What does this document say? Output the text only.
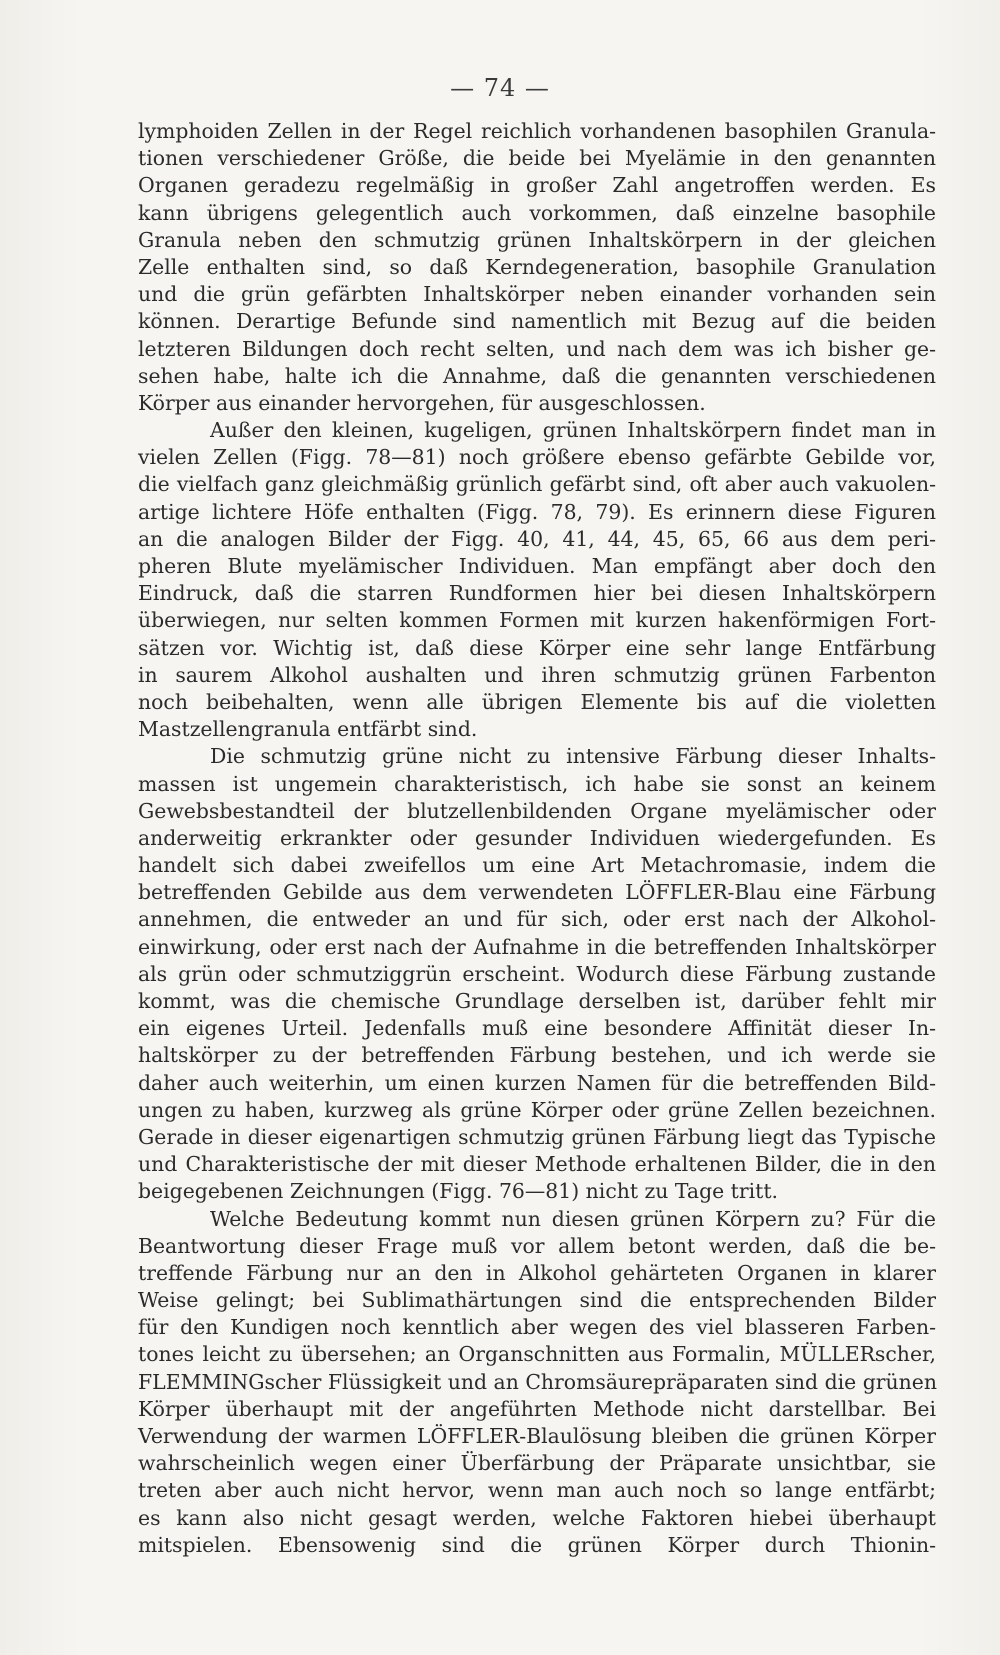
— 74 —
lymphoiden Zellen in der Regel reichlich vorhandenen basophilen Granula-
tionen verschiedener Größe, die beide bei Myelämie in den genannten
Organen geradezu regelmäßig in großer Zahl angetroffen werden. Es
kann übrigens gelegentlich auch vorkommen, daß einzelne basophile
Granula neben den schmutzig grünen Inhaltskörpern in der gleichen
Zelle enthalten sind, so daß Kerndegeneration, basophile Granulation
und die grün gefärbten Inhaltskörper neben einander vorhanden sein
können. Derartige Befunde sind namentlich mit Bezug auf die beiden
letzteren Bildungen doch recht selten, und nach dem was ich bisher ge-
sehen habe, halte ich die Annahme, daß die genannten verschiedenen
Körper aus einander hervorgehen, für ausgeschlossen.
Außer den kleinen, kugeligen, grünen Inhaltskörpern findet man in
vielen Zellen (Figg. 78—81) noch größere ebenso gefärbte Gebilde vor,
die vielfach ganz gleichmäßig grünlich gefärbt sind, oft aber auch vakuolen-
artige lichtere Höfe enthalten (Figg. 78, 79). Es erinnern diese Figuren
an die analogen Bilder der Figg. 40, 41, 44, 45, 65, 66 aus dem peri-
pheren Blute myelämischer Individuen. Man empfängt aber doch den
Eindruck, daß die starren Rundformen hier bei diesen Inhaltskörpern
überwiegen, nur selten kommen Formen mit kurzen hakenförmigen Fort-
sätzen vor. Wichtig ist, daß diese Körper eine sehr lange Entfärbung
in saurem Alkohol aushalten und ihren schmutzig grünen Farbenton
noch beibehalten, wenn alle übrigen Elemente bis auf die violetten
Mastzellengranula entfärbt sind.
Die schmutzig grüne nicht zu intensive Färbung dieser Inhalts-
massen ist ungemein charakteristisch, ich habe sie sonst an keinem
Gewebsbestandteil der blutzellenbildenden Organe myelämischer oder
anderweitig erkrankter oder gesunder Individuen wiedergefunden. Es
handelt sich dabei zweifellos um eine Art Metachromasie, indem die
betreffenden Gebilde aus dem verwendeten LÖFFLER-Blau eine Färbung
annehmen, die entweder an und für sich, oder erst nach der Alkohol-
einwirkung, oder erst nach der Aufnahme in die betreffenden Inhaltskörper
als grün oder schmutziggrün erscheint. Wodurch diese Färbung zustande
kommt, was die chemische Grundlage derselben ist, darüber fehlt mir
ein eigenes Urteil. Jedenfalls muß eine besondere Affinität dieser In-
haltskörper zu der betreffenden Färbung bestehen, und ich werde sie
daher auch weiterhin, um einen kurzen Namen für die betreffenden Bild-
ungen zu haben, kurzweg als grüne Körper oder grüne Zellen bezeichnen.
Gerade in dieser eigenartigen schmutzig grünen Färbung liegt das Typische
und Charakteristische der mit dieser Methode erhaltenen Bilder, die in den
beigegebenen Zeichnungen (Figg. 76—81) nicht zu Tage tritt.
Welche Bedeutung kommt nun diesen grünen Körpern zu? Für die
Beantwortung dieser Frage muß vor allem betont werden, daß die be-
treffende Färbung nur an den in Alkohol gehärteten Organen in klarer
Weise gelingt; bei Sublimathärtungen sind die entsprechenden Bilder
für den Kundigen noch kenntlich aber wegen des viel blasseren Farben-
tones leicht zu übersehen; an Organschnitten aus Formalin, MÜLLERscher,
FLEMMINGscher Flüssigkeit und an Chromsäurepräparaten sind die grünen
Körper überhaupt mit der angeführten Methode nicht darstellbar. Bei
Verwendung der warmen LÖFFLER-Blaulösung bleiben die grünen Körper
wahrscheinlich wegen einer Überfärbung der Präparate unsichtbar, sie
treten aber auch nicht hervor, wenn man auch noch so lange entfärbt;
es kann also nicht gesagt werden, welche Faktoren hiebei überhaupt
mitspielen. Ebensowenig sind die grünen Körper durch Thionin-
